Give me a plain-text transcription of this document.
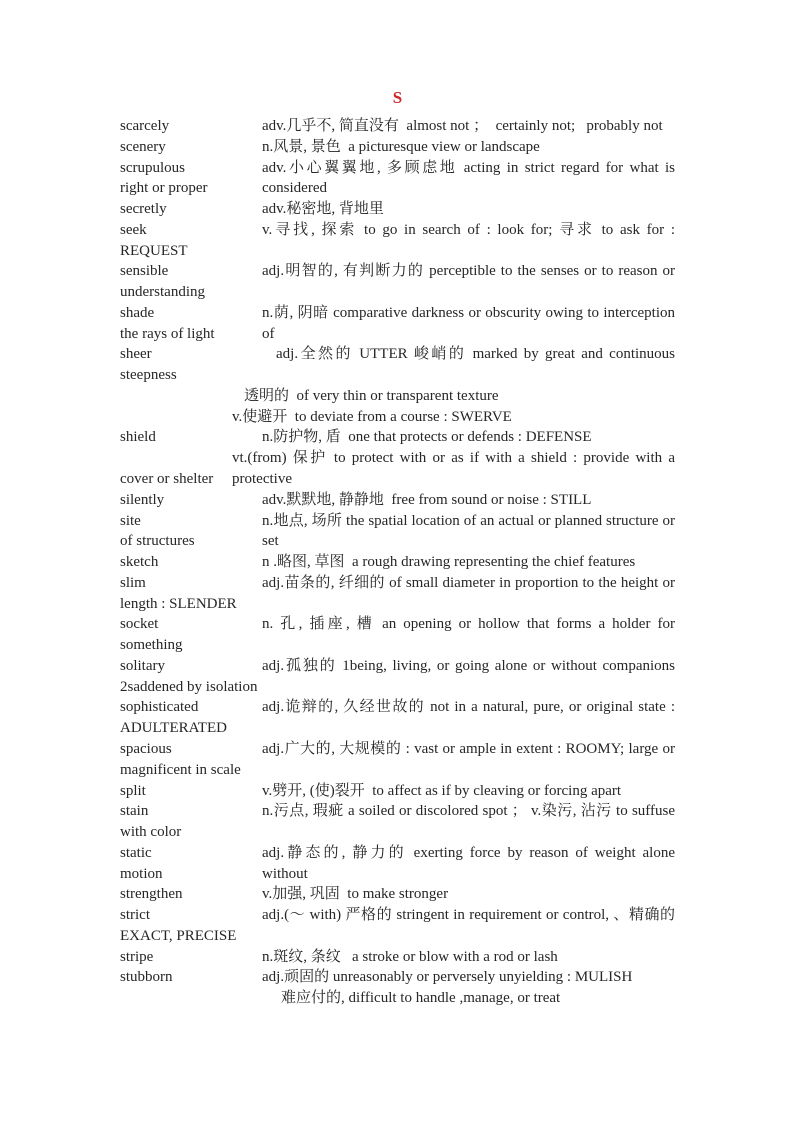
S
scarcely	adv.几乎不, 简直没有  almost not ；  certainly not;   probably not
scenery	n.风景, 景色  a picturesque view or landscape
scrupulous	adv.小心翼翼地, 多顾虑地 acting in strict regard for what is considered
right or proper
secretly	adv.秘密地, 背地里
seek	v.寻找, 探索 to go in search of : look for; 寻求 to ask for :
REQUEST
sensible	adj.明智的, 有判断力的 perceptible to the senses or to reason or
understanding
shade	n.荫, 阴暗 comparative darkness or obscurity owing to interception of
the rays of light
sheer	adj.全然的 UTTER 峻峭的 marked by great and continuous
steepness
透明的  of very thin or transparent texture
v.使避开  to deviate from a course : SWERVE
shield	n.防护物, 盾  one that protects or defends : DEFENSE
vt.(from) 保护 to protect with or as if with a shield : provide with a protective
cover or shelter
silently	adv.默默地, 静静地  free from sound or noise : STILL
site	n.地点, 场所 the spatial location of an actual or planned structure or set
of structures
sketch	n .略图, 草图  a rough drawing representing the chief features
slim	adj.苗条的, 纤细的 of small diameter in proportion to the height or
length : SLENDER
socket	n. 孔, 插座, 槽 an opening or hollow that forms a holder for
something
solitary	adj.孤独的 1being, living, or going alone or without companions
2saddened by isolation
sophisticated	adj.诡辩的, 久经世故的 not in a natural, pure, or original state :
ADULTERATED
spacious	adj.广大的, 大规模的 : vast or ample in extent : ROOMY; large or
magnificent in scale
split	v.劈开, (使)裂开  to affect as if by cleaving or forcing apart
stain	n.污点, 瑕疵 a soiled or discolored spot ； v.染污, 沾污 to suffuse
with color
static	adj.静态的, 静力的 exerting force by reason of weight alone without
motion
strengthen	v.加强, 巩固  to make stronger
strict	adj.(～ with) 严格的 stringent in requirement or control, 、精确的
EXACT, PRECISE
stripe	n.斑纹, 条纹   a stroke or blow with a rod or lash
stubborn	adj.顽固的 unreasonably or perversely unyielding : MULISH
难应付的, difficult to handle ,manage, or treat
